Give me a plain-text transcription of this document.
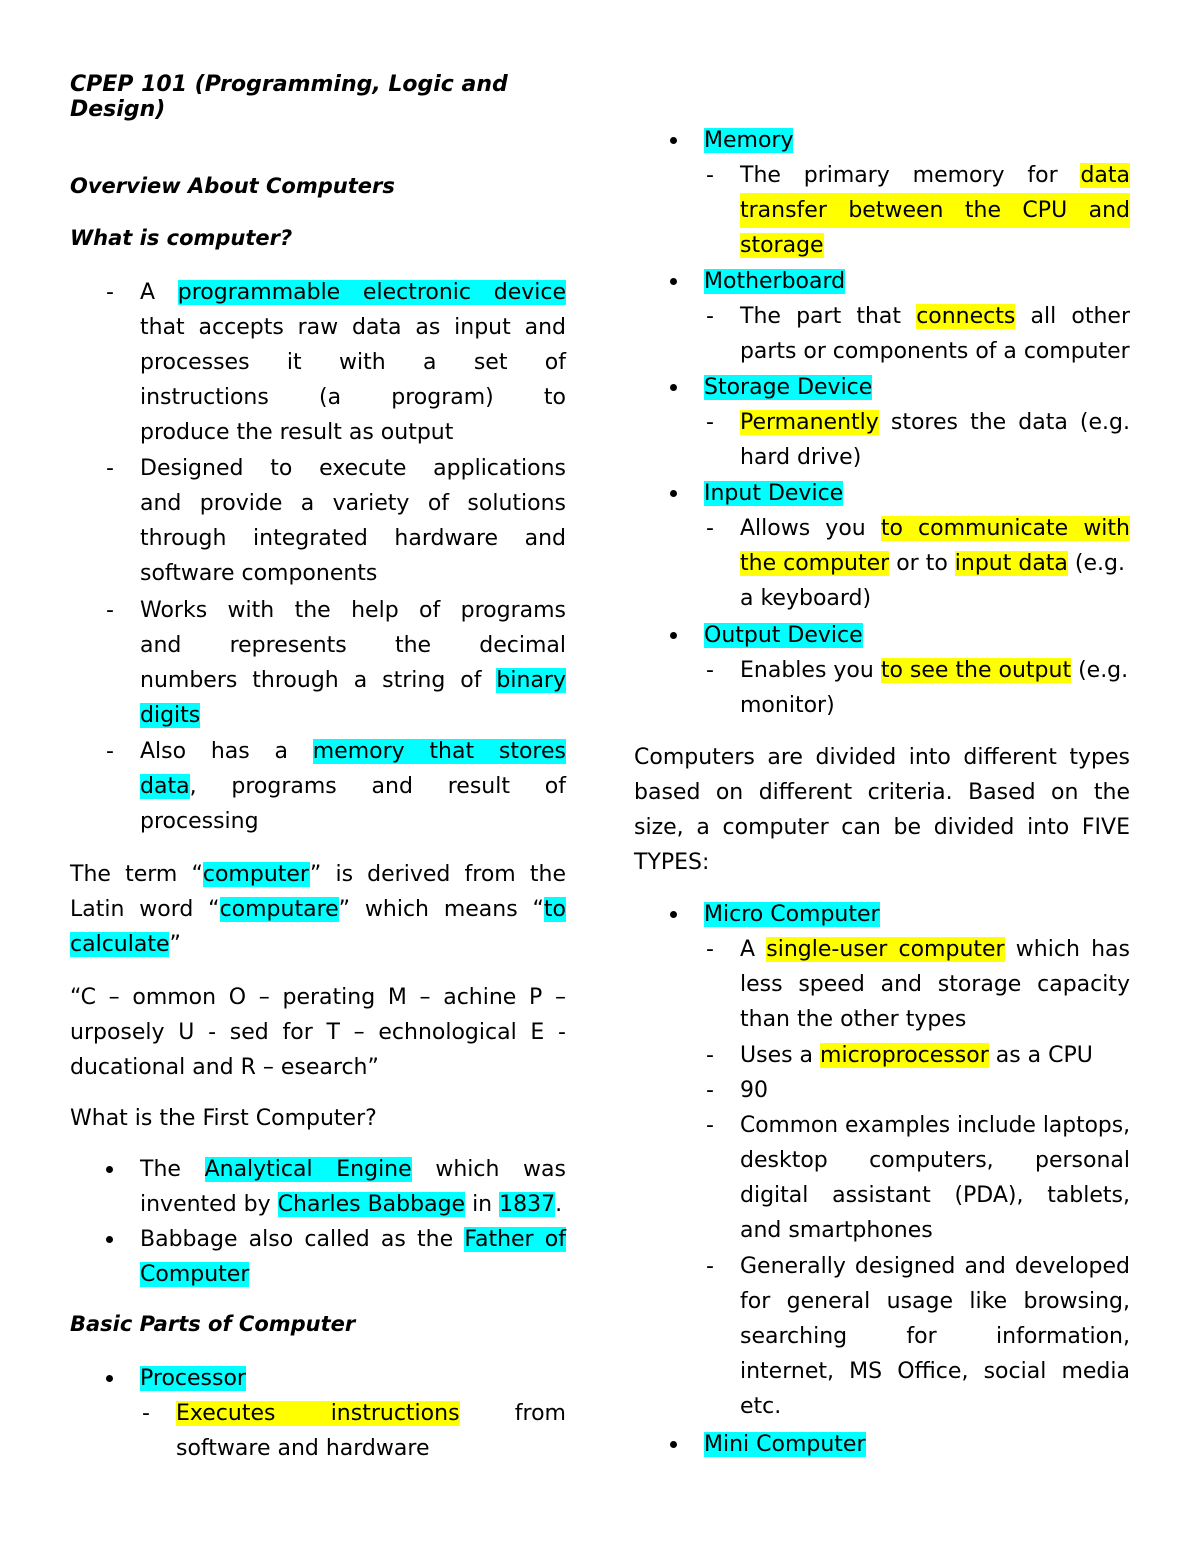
CPEP 101 (Programming, Logic and Design)

Overview About Computers

What is computer?

- A programmable electronic device
that accepts raw data as input and
processes it with a set of
instructions (a program) to
produce the result as output
- Designed to execute applications
and provide a variety of solutions
through integrated hardware and
software components
- Works with the help of programs
and represents the decimal
numbers through a string of binary
digits
- Also has a memory that stores
data, programs and result of
processing
The term “computer” is derived from the
Latin word “computare” which means “to
calculate”
“C – ommon O – perating M – achine P –
urposely U - sed for T – echnological E -
ducational and R – esearch”

What is the First Computer?

The Analytical Engine which was
invented by Charles Babbage in 1837.
Babbage also called as the Father of
Computer

Basic Parts of Computer

Processor
- Executes instructions from
software and hardware
Memory
- The primary memory for data
transfer between the CPU and
storage
Motherboard
- The part that connects all other
parts or components of a computer
Storage Device
- Permanently stores the data (e.g.
hard drive)
Input Device
- Allows you to communicate with
the computer or to input data (e.g.
a keyboard)
Output Device
- Enables you to see the output (e.g.
monitor)
Computers are divided into different types
based on different criteria. Based on the
size, a computer can be divided into FIVE
TYPES:
Micro Computer
- A single-user computer which has
less speed and storage capacity
than the other types
- Uses a microprocessor as a CPU
- 90
- Common examples include laptops,
desktop computers, personal
digital assistant (PDA), tablets,
and smartphones
- Generally designed and developed
for general usage like browsing,
searching for information,
internet, MS Office, social media
etc.
Mini Computer
